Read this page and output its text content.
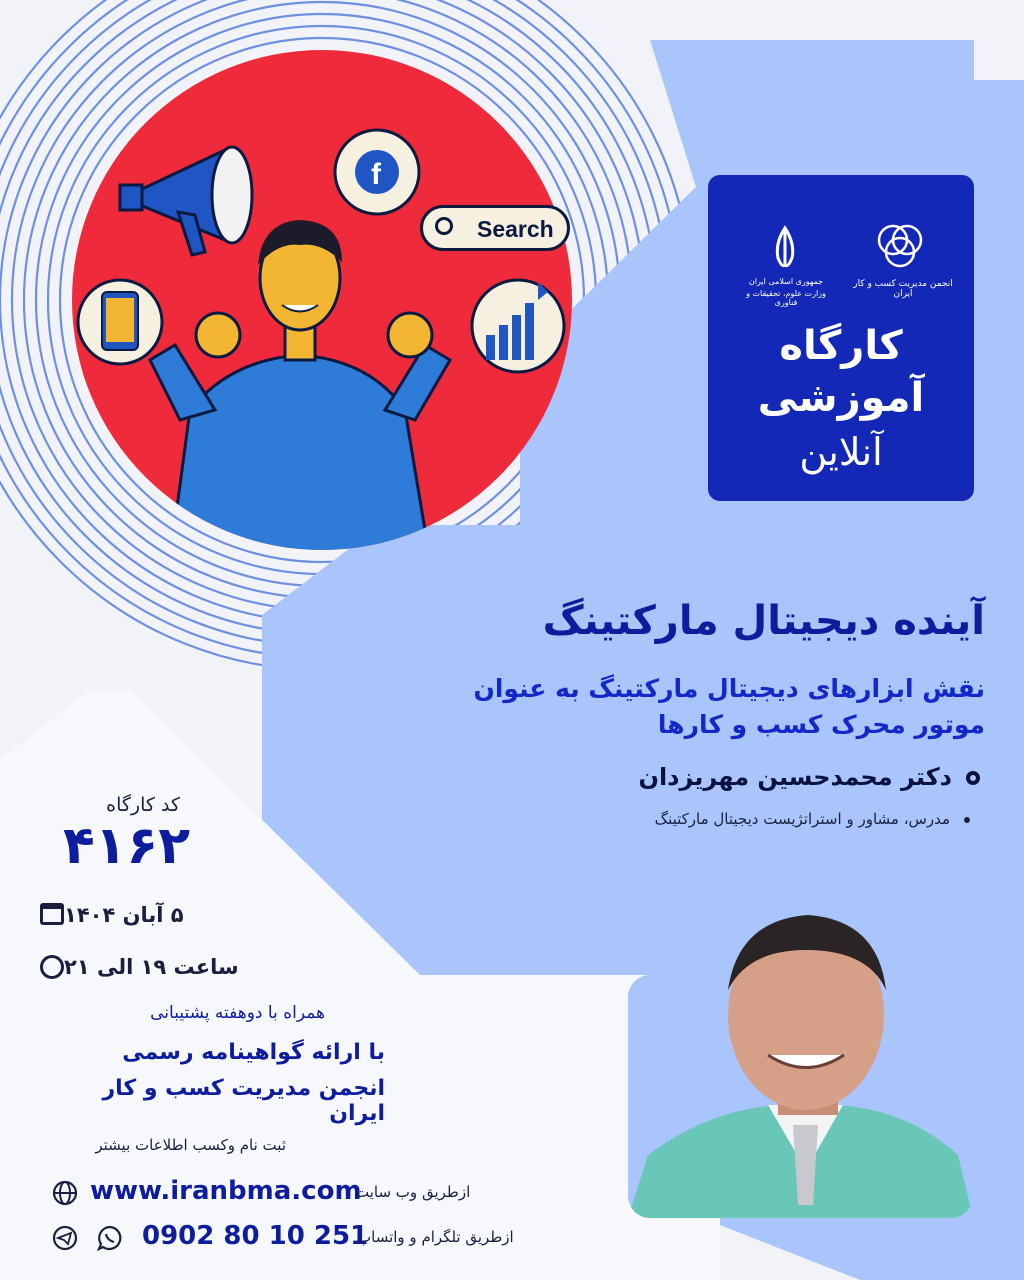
f
Search
جمهوری اسلامی ایران
وزارت علوم، تحقیقات و فناوری
انجمن مدیریت کسب و کار ایران
کارگاه
آموزشی
آنلاین
آینده دیجیتال مارکتینگ
نقش ابزارهای دیجیتال مارکتینگ به عنوان
موتور محرک کسب و کارها
دکتر محمدحسین مهریزدان
مدرس، مشاور و استراتژیست دیجیتال مارکتینگ
کد کارگاه
۴۱۶۲
۵ آبان ۱۴۰۴
ساعت ۱۹ الی ۲۱
همراه با دوهفته پشتیبانی
با ارائه گواهینامه رسمی
انجمن مدیریت کسب و کار ایران
ثبت نام وکسب اطلاعات بیشتر
www.iranbma.com
ازطریق وب سایت
0902 80 10 251
ازطریق تلگرام و واتساپ
